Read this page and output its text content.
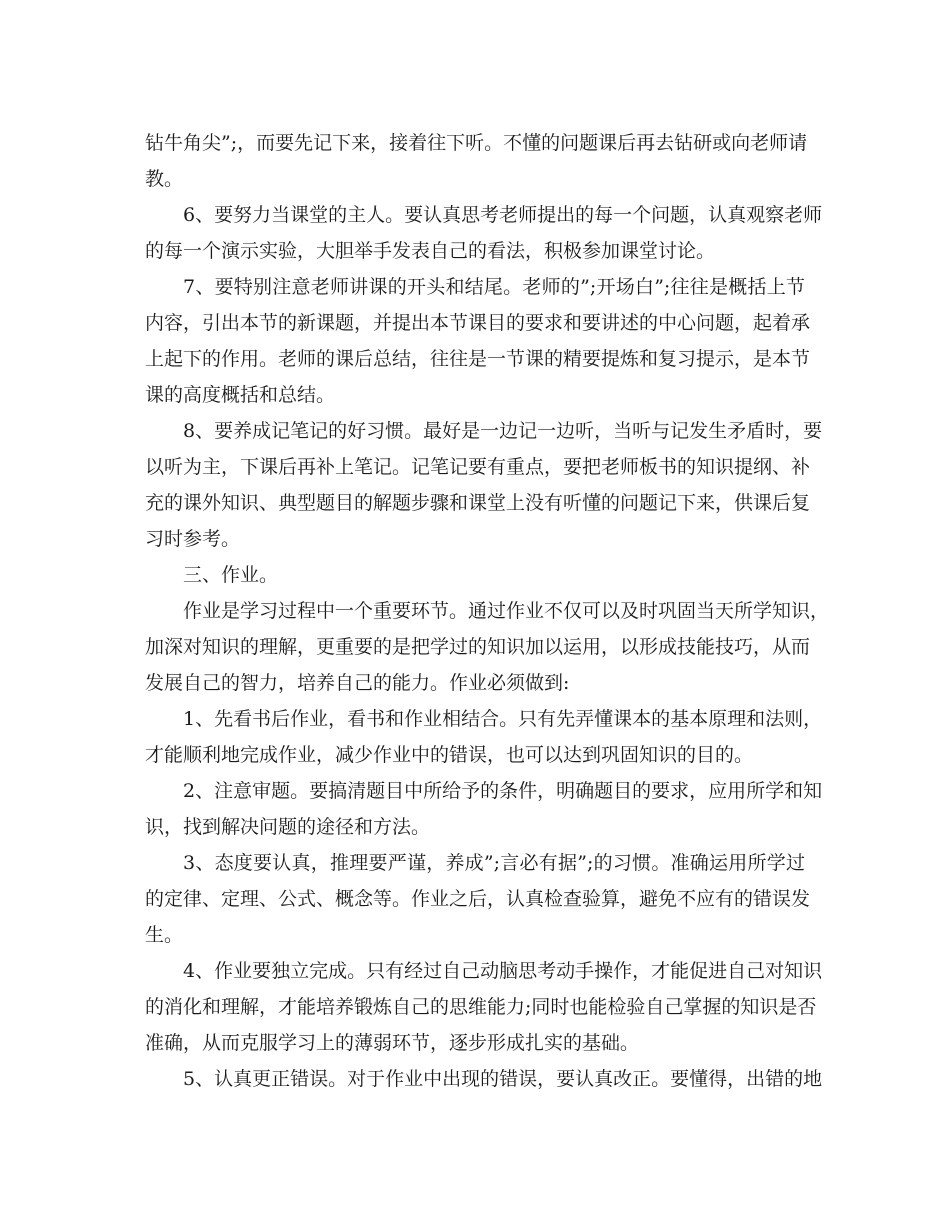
钻牛角尖”;，而要先记下来，接着往下听。不懂的问题课后再去钻研或向老师请
教。
6、要努力当课堂的主人。要认真思考老师提出的每一个问题，认真观察老师
的每一个演示实验，大胆举手发表自己的看法，积极参加课堂讨论。
7、要特别注意老师讲课的开头和结尾。老师的”;开场白”;往往是概括上节
内容，引出本节的新课题，并提出本节课目的要求和要讲述的中心问题，起着承
上起下的作用。老师的课后总结，往往是一节课的精要提炼和复习提示，是本节
课的高度概括和总结。
8、要养成记笔记的好习惯。最好是一边记一边听，当听与记发生矛盾时，要
以听为主，下课后再补上笔记。记笔记要有重点，要把老师板书的知识提纲、补
充的课外知识、典型题目的解题步骤和课堂上没有听懂的问题记下来，供课后复
习时参考。
三、作业。
作业是学习过程中一个重要环节。通过作业不仅可以及时巩固当天所学知识，
加深对知识的理解，更重要的是把学过的知识加以运用，以形成技能技巧，从而
发展自己的智力，培养自己的能力。作业必须做到:
1、先看书后作业，看书和作业相结合。只有先弄懂课本的基本原理和法则，
才能顺利地完成作业，减少作业中的错误，也可以达到巩固知识的目的。
2、注意审题。要搞清题目中所给予的条件，明确题目的要求，应用所学和知
识，找到解决问题的途径和方法。
3、态度要认真，推理要严谨，养成”;言必有据”;的习惯。准确运用所学过
的定律、定理、公式、概念等。作业之后，认真检查验算，避免不应有的错误发
生。
4、作业要独立完成。只有经过自己动脑思考动手操作，才能促进自己对知识
的消化和理解，才能培养锻炼自己的思维能力;同时也能检验自己掌握的知识是否
准确，从而克服学习上的薄弱环节，逐步形成扎实的基础。
5、认真更正错误。对于作业中出现的错误，要认真改正。要懂得，出错的地
